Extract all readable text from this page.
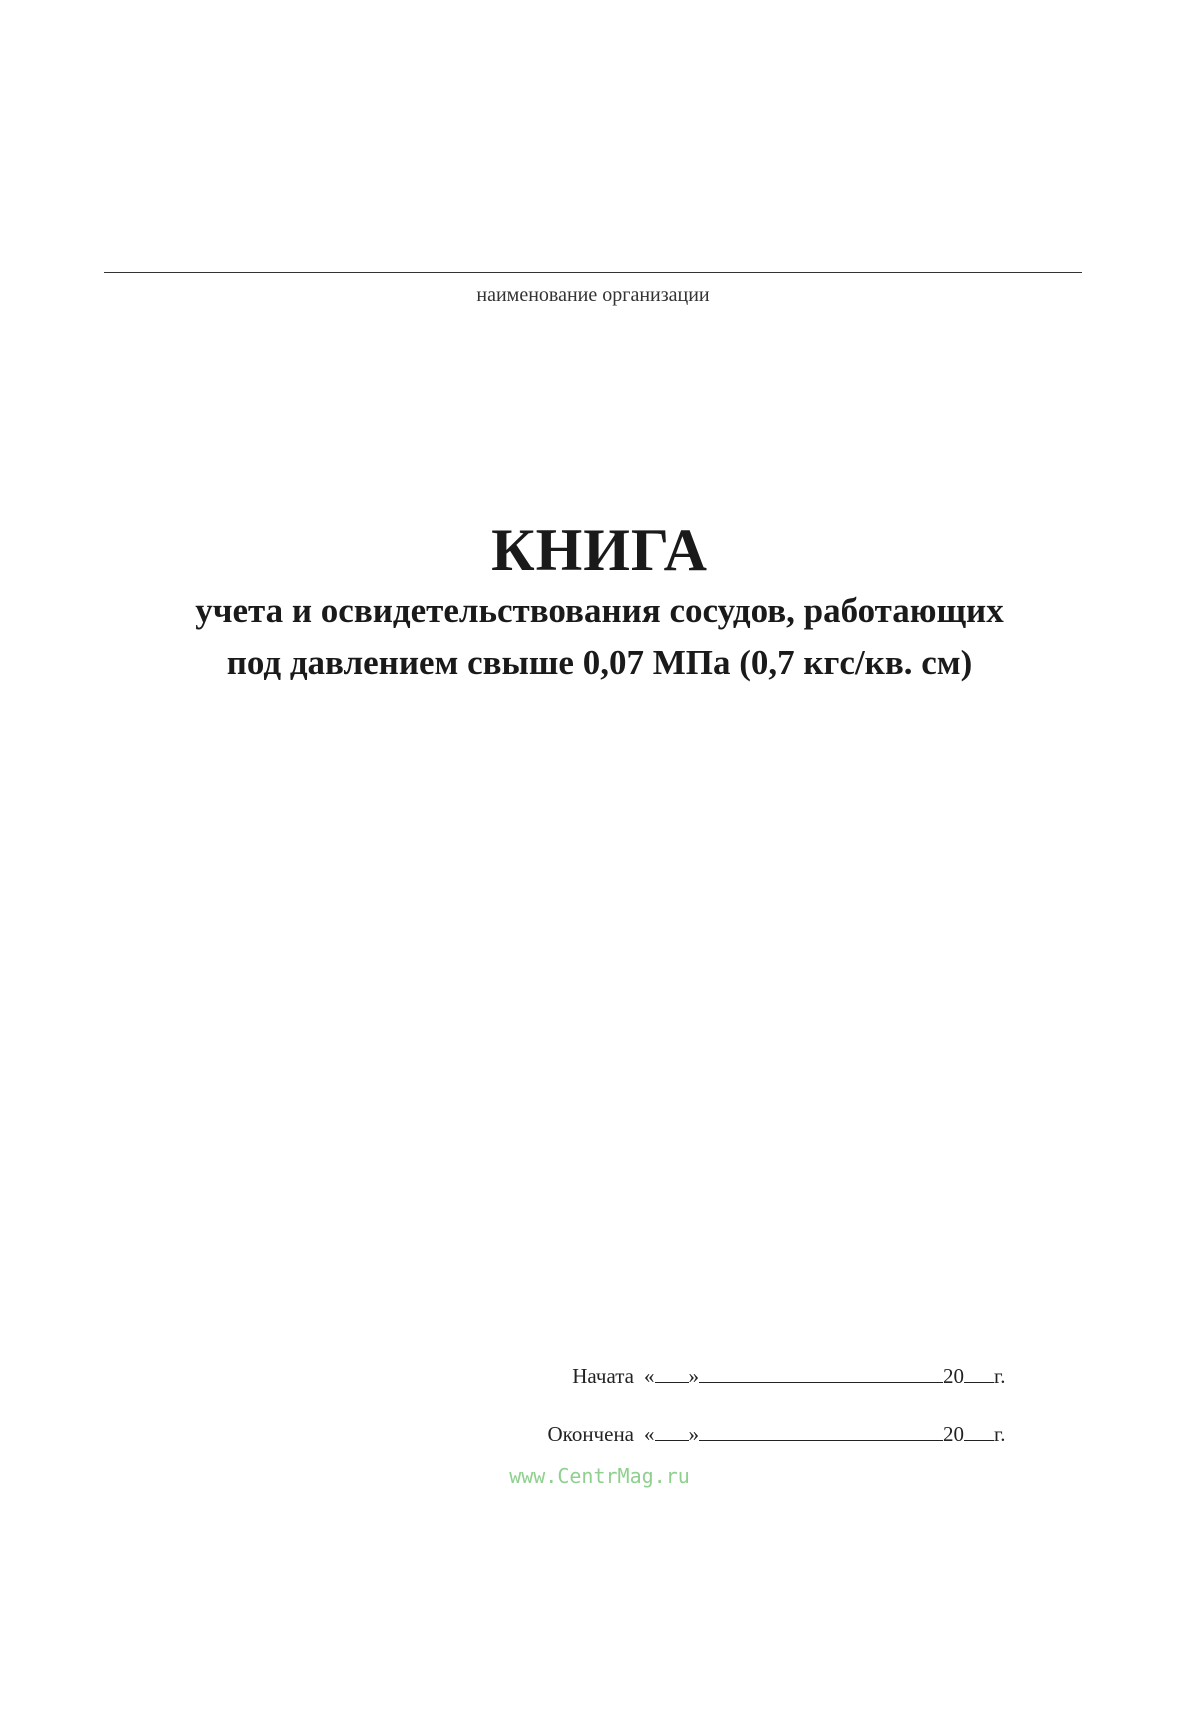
наименование организации
КНИГА
учета и освидетельствования сосудов, работающих
под давлением свыше 0,07 МПа (0,7 кгс/кв. см)
Начата « »	20 г.
Окончена « »	20 г.
www.CentrMag.ru
